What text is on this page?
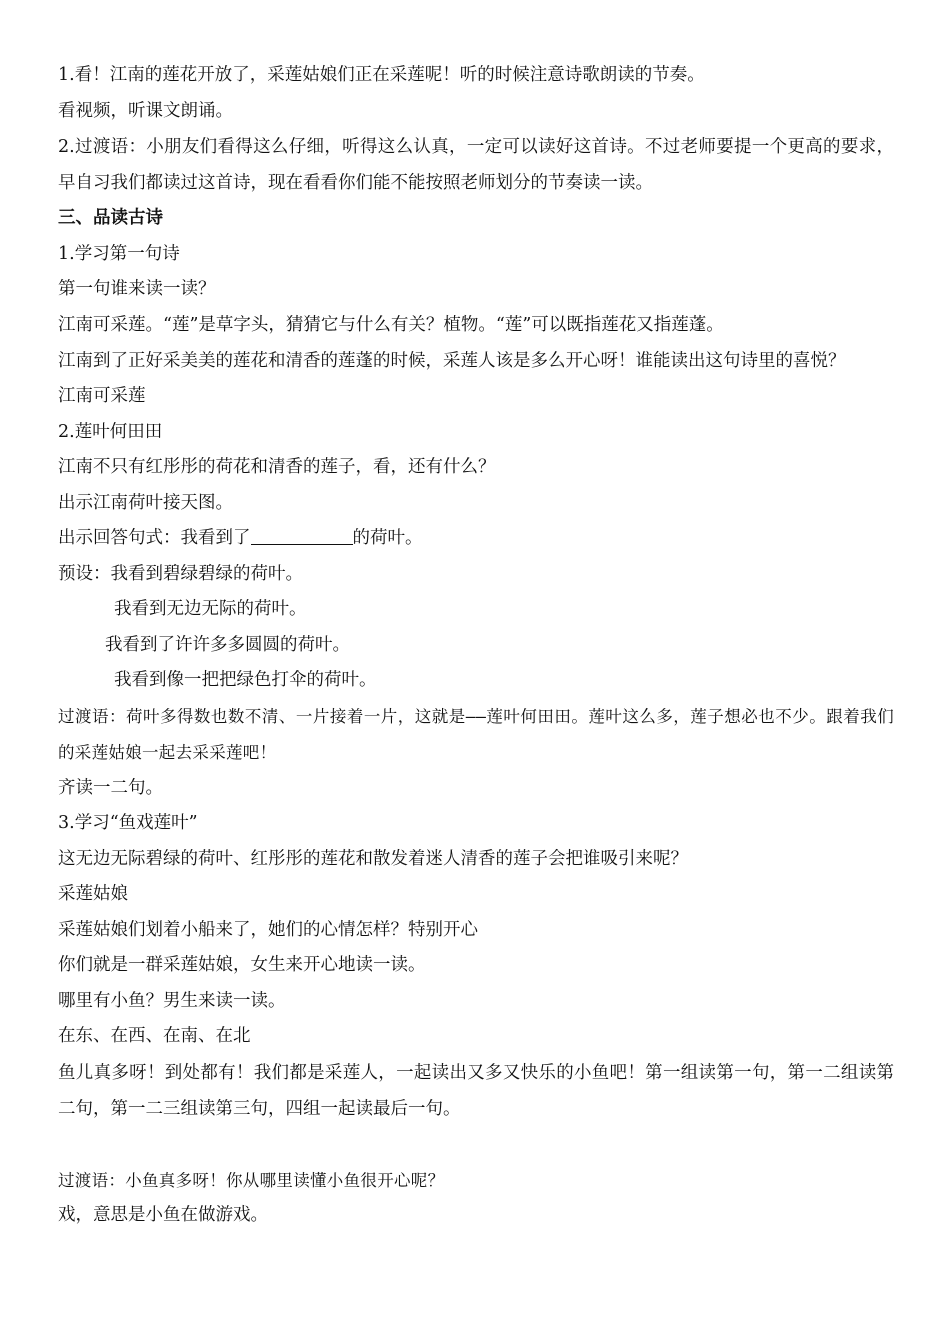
1.看！江南的莲花开放了，采莲姑娘们正在采莲呢！听的时候注意诗歌朗读的节奏。
看视频，听课文朗诵。
2.过渡语：小朋友们看得这么仔细，听得这么认真，一定可以读好这首诗。不过老师要提一个更高的要求，早自习我们都读过这首诗，现在看看你们能不能按照老师划分的节奏读一读。
三、品读古诗
1.学习第一句诗
第一句谁来读一读？
江南可采莲。“莲”是草字头，猜猜它与什么有关？植物。“莲”可以既指莲花又指莲蓬。
江南到了正好采美美的莲花和清香的莲蓬的时候，采莲人该是多么开心呀！谁能读出这句诗里的喜悦？
江南可采莲
2.莲叶何田田
江南不只有红彤彤的荷花和清香的莲子，看，还有什么？
出示江南荷叶接天图。
出示回答句式：我看到了	的荷叶。
预设：我看到碧绿碧绿的荷叶。
我看到无边无际的荷叶。
我看到了许许多多圆圆的荷叶。
我看到像一把把绿色打伞的荷叶。
过渡语：荷叶多得数也数不清、一片接着一片，这就是——莲叶何田田。莲叶这么多，莲子想必也不少。跟着我们的采莲姑娘一起去采采莲吧！
齐读一二句。
3.学习“鱼戏莲叶”
这无边无际碧绿的荷叶、红彤彤的莲花和散发着迷人清香的莲子会把谁吸引来呢？
采莲姑娘
采莲姑娘们划着小船来了，她们的心情怎样？特别开心
你们就是一群采莲姑娘，女生来开心地读一读。
哪里有小鱼？男生来读一读。
在东、在西、在南、在北
鱼儿真多呀！到处都有！我们都是采莲人，一起读出又多又快乐的小鱼吧！第一组读第一句，第一二组读第二句，第一二三组读第三句，四组一起读最后一句。
过渡语：小鱼真多呀！你从哪里读懂小鱼很开心呢？
戏，意思是小鱼在做游戏。
